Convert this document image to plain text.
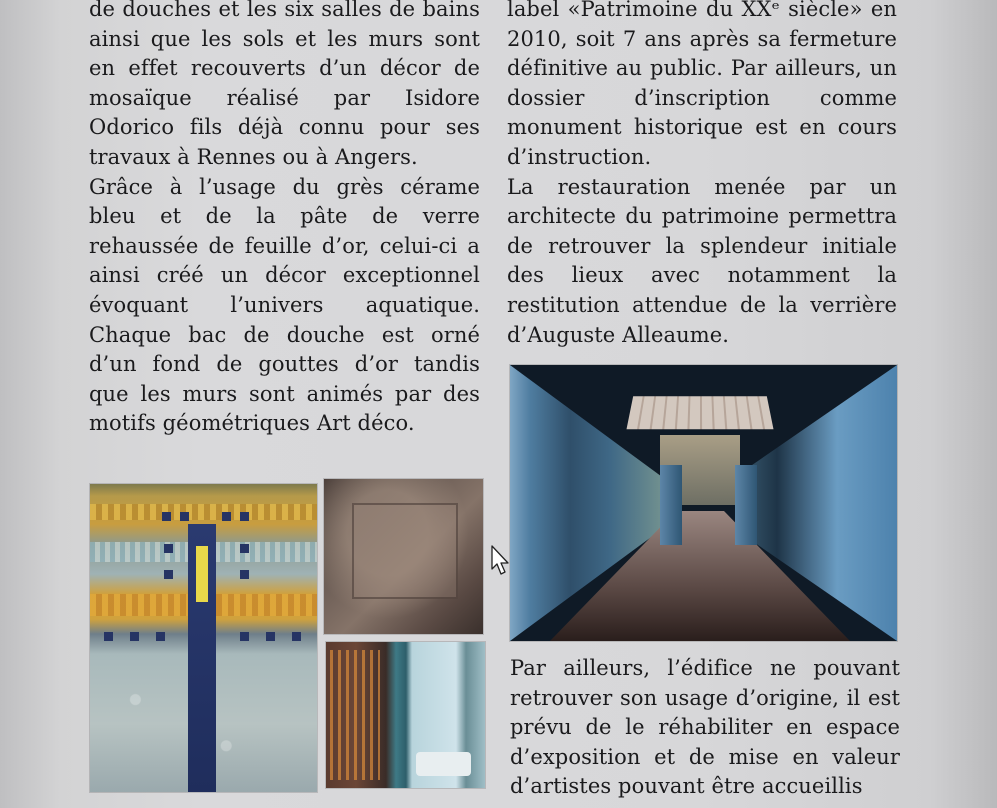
de douches et les six salles de bains ainsi que les sols et les murs sont en effet recouverts d’un décor de mosaïque réalisé par Isidore Odorico fils déjà connu pour ses travaux à Rennes ou à Angers.

Grâce à l’usage du grès cérame bleu et de la pâte de verre rehaussée de feuille d’or, celui-ci a ainsi créé un décor exceptionnel évoquant l’univers aquatique. Chaque bac de douche est orné d’un fond de gouttes d’or tandis que les murs sont animés par des motifs géométriques Art déco.

label «Patrimoine du XXᵉ siècle» en 2010, soit 7 ans après sa fermeture définitive au public. Par ailleurs, un dossier d’inscription comme monument historique est en cours d’instruction.

La restauration menée par un architecte du patrimoine permettra de retrouver la splendeur initiale des lieux avec notamment la restitution attendue de la verrière d’Auguste Alleaume.

Par ailleurs, l’édifice ne pouvant retrouver son usage d’origine, il est prévu de le réhabiliter en espace d’exposition et de mise en valeur d’artistes pouvant être accueillis
